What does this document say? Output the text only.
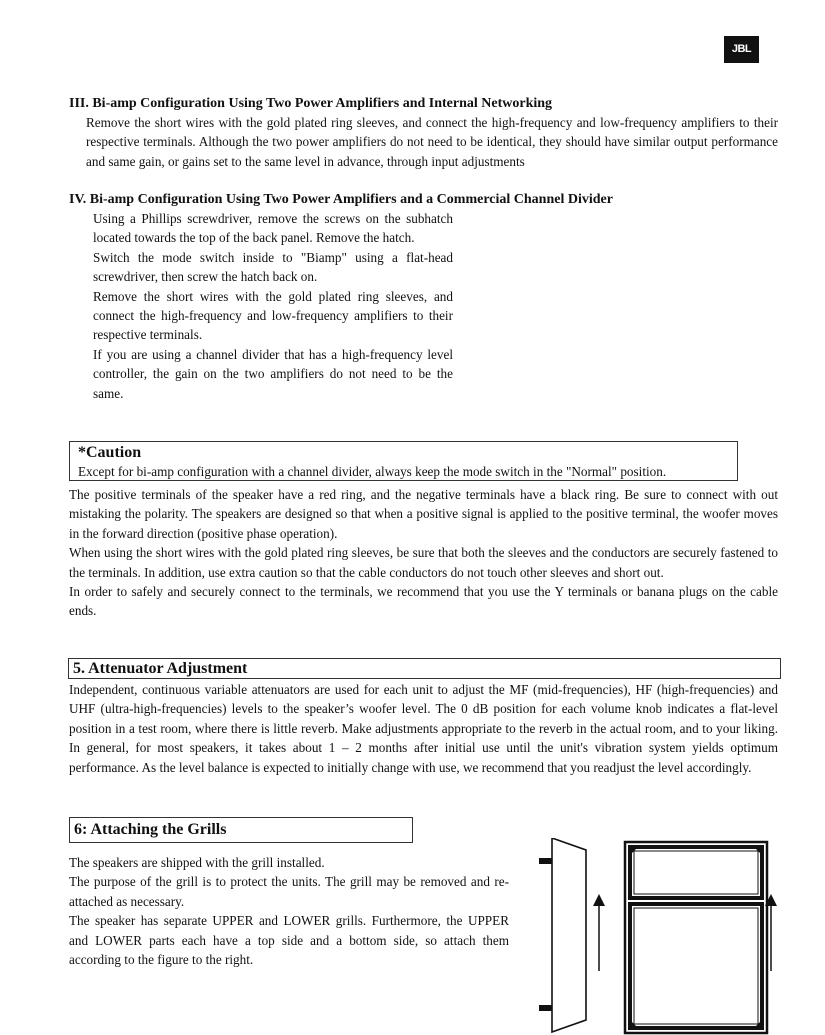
JBL
III. Bi-amp Configuration Using Two Power Amplifiers and Internal Networking
Remove the short wires with the gold plated ring sleeves, and connect the high-frequency and low-frequency amplifiers to their respective terminals. Although the two power amplifiers do not need to be identical, they should have similar output performance and same gain, or gains set to the same level in advance, through input adjustments
IV. Bi-amp Configuration Using Two Power Amplifiers and a Commercial Channel Divider

Using a Phillips screwdriver, remove the screws on the subhatch located towards the top of the back panel. Remove the hatch.

Switch the mode switch inside to "Biamp" using a flat-head screwdriver, then screw the hatch back on.

Remove the short wires with the gold plated ring sleeves, and connect the high-frequency and low-frequency amplifiers to their respective terminals.

If you are using a channel divider that has a high-frequency level controller, the gain on the two amplifiers do not need to be the same.

*Caution
Except for bi-amp configuration with a channel divider, always keep the mode switch in the "Normal" position.

The positive terminals of the speaker have a red ring, and the negative terminals have a black ring. Be sure to connect with out mistaking the polarity. The speakers are designed so that when a positive signal is applied to the positive terminal, the woofer moves in the forward direction (positive phase operation).

When using the short wires with the gold plated ring sleeves, be sure that both the sleeves and the conductors are securely fastened to the terminals. In addition, use extra caution so that the cable conductors do not touch other sleeves and short out.

In order to safely and securely connect to the terminals, we recommend that you use the Y terminals or banana plugs on the cable ends.

5. Attenuator Adjustment
Independent, continuous variable attenuators are used for each unit to adjust the MF (mid-frequencies), HF (high-frequencies) and UHF (ultra-high-frequencies) levels to the speaker’s woofer level. The 0 dB position for each volume knob indicates a flat-level position in a test room, where there is little reverb. Make adjustments appropriate to the reverb in the actual room, and to your liking. In general, for most speakers, it takes about 1 – 2 months after initial use until the unit's vibration system yields optimum performance. As the level balance is expected to initially change with use, we recommend that you readjust the level accordingly.
6: Attaching the Grills

The speakers are shipped with the grill installed.

The purpose of the grill is to protect the units. The grill may be removed and re-attached as necessary.

The speaker has separate UPPER and LOWER grills. Furthermore, the UPPER and LOWER parts each have a top side and a bottom side, so attach them according to the figure to the right.
